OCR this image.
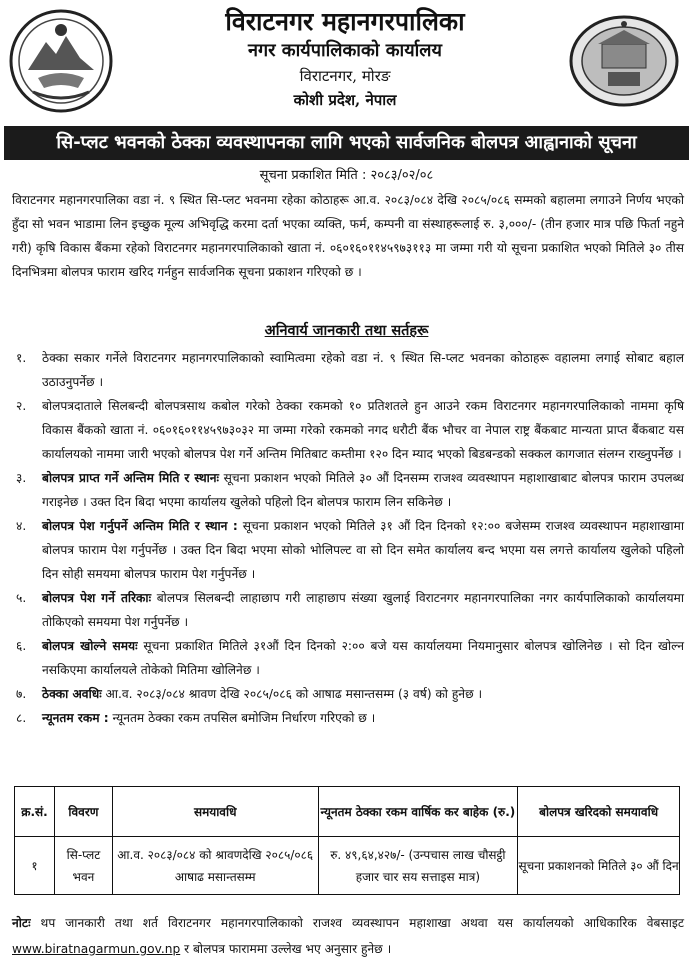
विराटनगर महानगरपालिका
नगर कार्यपालिकाको कार्यालय
विराटनगर, मोरङ
कोशी प्रदेश, नेपाल
सि-प्लट भवनको ठेक्का व्यवस्थापनका लागि भएको सार्वजनिक बोलपत्र आह्वानाको सूचना
सूचना प्रकाशित मिति : २०८३/०२/०८
विराटनगर महानगरपालिका वडा नं. ९ स्थित सि-प्लट भवनमा रहेका कोठाहरू आ.व. २०८३/०८४ देखि २०८५/०८६ सम्मको बहालमा लगाउने निर्णय भएको हुँदा सो भवन भाडामा लिन इच्छुक मूल्य अभिवृद्धि करमा दर्ता भएका व्यक्ति, फर्म, कम्पनी वा संस्थाहरूलाई रु. ३,०००/- (तीन हजार मात्र पछि फिर्ता नहुने गरी) कृषि विकास बैंकमा रहेको विराटनगर महानगरपालिकाको खाता नं. ०६०१६०११४५९७३११३ मा जम्मा गरी यो सूचना प्रकाशित भएको मितिले ३० तीस दिनभित्रमा बोलपत्र फाराम खरिद गर्नहुन सार्वजनिक सूचना प्रकाशन गरिएको छ ।
अनिवार्य जानकारी तथा सर्तहरू
१.	ठेक्का सकार गर्नेले विराटनगर महानगरपालिकाको स्वामित्वमा रहेको वडा नं. ९ स्थित सि-प्लट भवनका कोठाहरू वहालमा लगाई सोबाट बहाल उठाउनुपर्नेछ ।
२.	बोलपत्रदाताले सिलबन्दी बोलपत्रसाथ कबोल गरेको ठेक्का रकमको १० प्रतिशतले हुन आउने रकम विराटनगर महानगरपालिकाको नाममा कृषि विकास बैंकको खाता नं. ०६०१६०११४५९७३०३२ मा जम्मा गरेको रकमको नगद धरौटी बैंक भौचर वा नेपाल राष्ट्र बैंकबाट मान्यता प्राप्त बैंकबाट यस कार्यालयको नाममा जारी भएको बोलपत्र पेश गर्ने अन्तिम मितिबाट कम्तीमा १२० दिन म्याद भएको बिडबन्डको सक्कल कागजात संलग्न राख्नुपर्नेछ ।
३.	बोलपत्र प्राप्त गर्ने अन्तिम मिति र स्थानः सूचना प्रकाशन भएको मितिले ३० औं दिनसम्म राजश्व व्यवस्थापन महाशाखाबाट बोलपत्र फाराम उपलब्ध गराइनेछ । उक्त दिन बिदा भएमा कार्यालय खुलेको पहिलो दिन बोलपत्र फाराम लिन सकिनेछ ।
४.	बोलपत्र पेश गर्नुपर्ने अन्तिम मिति र स्थान : सूचना प्रकाशन भएको मितिले ३१ औं दिन दिनको १२:०० बजेसम्म राजश्व व्यवस्थापन महाशाखामा बोलपत्र फाराम पेश गर्नुपर्नेछ । उक्त दिन बिदा भएमा सोको भोलिपल्ट वा सो दिन समेत कार्यालय बन्द भएमा यस लगत्ते कार्यालय खुलेको पहिलो दिन सोही समयमा बोलपत्र फाराम पेश गर्नुपर्नेछ ।
५.	बोलपत्र पेश गर्ने तरिकाः बोलपत्र सिलबन्दी लाहाछाप गरी लाहाछाप संख्या खुलाई विराटनगर महानगरपालिका नगर कार्यपालिकाको कार्यालयमा तोकिएको समयमा पेश गर्नुपर्नेछ ।
६.	बोलपत्र खोल्ने समयः सूचना प्रकाशित मितिले ३१औं दिन दिनको २:०० बजे यस कार्यालयमा नियमानुसार बोलपत्र खोलिनेछ । सो दिन खोल्न नसकिएमा कार्यालयले तोकेको मितिमा खोलिनेछ ।
७.	ठेक्का अवधिः आ.व. २०८३/०८४ श्रावण देखि २०८५/०८६ को आषाढ मसान्तसम्म (३ वर्ष) को हुनेछ ।
८.	न्यूनतम रकम : न्यूनतम ठेक्का रकम तपसिल बमोजिम निर्धारण गरिएको छ ।
क्र.सं.	विवरण	समयावधि	न्यूनतम ठेक्का रकम वार्षिक कर बाहेक (रु.)	बोलपत्र खरिदको समयावधि
१	सि-प्लट भवन	आ.व. २०८३/०८४ को श्रावणदेखि २०८५/०८६ आषाढ मसान्तसम्म	रु. ४९,६४,४२७/- (उन्पचास लाख चौसट्ठी हजार चार सय सत्ताइस मात्र)	सूचना प्रकाशनको मितिले ३० औं दिन
नोटः थप जानकारी तथा शर्त विराटनगर महानगरपालिकाको राजश्व व्यवस्थापन महाशाखा अथवा यस कार्यालयको आधिकारिक वेबसाइट www.biratnagarmun.gov.np र बोलपत्र फाराममा उल्लेख भए अनुसार हुनेछ ।
